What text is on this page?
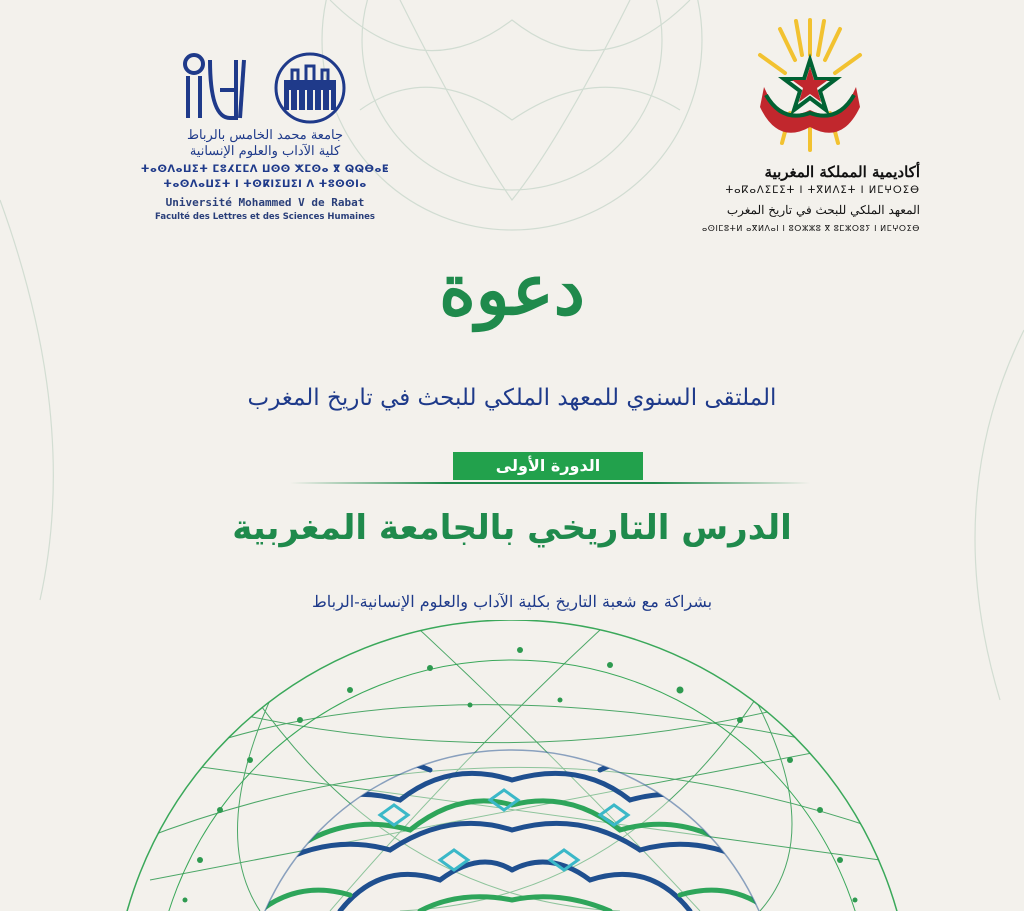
جامعة محمد الخامس بالرباط
كلية الآداب والعلوم الإنسانية
ⵜⴰⵙⴷⴰⵡⵉⵜ ⵎⵓⵃⵎⵎⴷ ⵡⵙⵙ ⵅⵎⵙⴰ ⴳ ⵕⵕⴱⴰⵟ
ⵜⴰⵙⴷⴰⵡⵉⵜ ⵏ ⵜⵙⴽⵏⵉⵡⵉⵏ ⴷ ⵜⵓⵙⵙⵏⴰ
Université Mohammed V de Rabat
Faculté des Lettres et des Sciences Humaines
أكاديمية المملكة المغربية
ⵜⴰⴽⴰⴷⵉⵎⵉⵜ ⵏ ⵜⴳⵍⴷⵉⵜ ⵏ ⵍⵎⵖⵔⵉⴱ
المعهد الملكي للبحث في تاريخ المغرب
ⴰⵙⵏⵎⵓⵜⵍ ⴰⴳⵍⴷⴰⵏ ⵏ ⵓⵔⵣⵣⵓ ⴳ ⵓⵎⵣⵔⵓⵢ ⵏ ⵍⵎⵖⵔⵉⴱ
دعوة
الملتقى السنوي للمعهد الملكي للبحث في تاريخ المغرب
الدورة الأولى
الدرس التاريخي بالجامعة المغربية
بشراكة مع شعبة التاريخ بكلية الآداب والعلوم الإنسانية-الرباط
